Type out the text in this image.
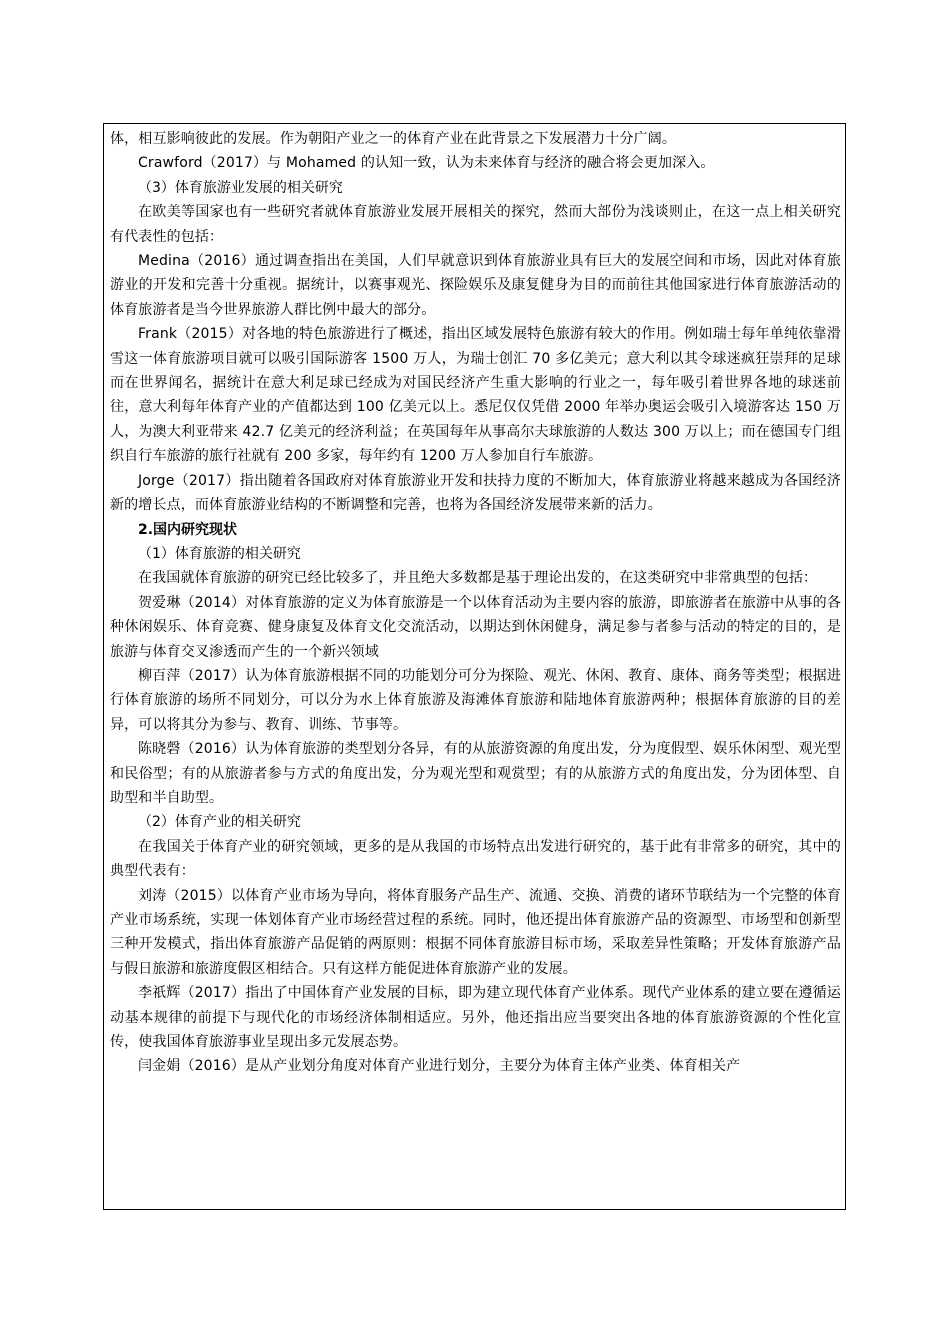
体，相互影响彼此的发展。作为朝阳产业之一的体育产业在此背景之下发展潜力十分广阔。

Crawford（2017）与 Mohamed 的认知一致，认为未来体育与经济的融合将会更加深入。

（3）体育旅游业发展的相关研究

在欧美等国家也有一些研究者就体育旅游业发展开展相关的探究，然而大部份为浅谈则止，在这一点上相关研究有代表性的包括：

Medina（2016）通过调查指出在美国，人们早就意识到体育旅游业具有巨大的发展空间和市场，因此对体育旅游业的开发和完善十分重视。据统计，以赛事观光、探险娱乐及康复健身为目的而前往其他国家进行体育旅游活动的体育旅游者是当今世界旅游人群比例中最大的部分。

Frank（2015）对各地的特色旅游进行了概述，指出区域发展特色旅游有较大的作用。例如瑞士每年单纯依靠滑雪这一体育旅游项目就可以吸引国际游客 1500 万人，为瑞士创汇 70 多亿美元；意大利以其令球迷疯狂崇拜的足球而在世界闻名，据统计在意大利足球已经成为对国民经济产生重大影响的行业之一，每年吸引着世界各地的球迷前往，意大利每年体育产业的产值都达到 100 亿美元以上。悉尼仅仅凭借 2000 年举办奥运会吸引入境游客达 150 万人，为澳大利亚带来 42.7 亿美元的经济利益；在英国每年从事高尔夫球旅游的人数达 300 万以上；而在德国专门组织自行车旅游的旅行社就有 200 多家，每年约有 1200 万人参加自行车旅游。

Jorge（2017）指出随着各国政府对体育旅游业开发和扶持力度的不断加大，体育旅游业将越来越成为各国经济新的增长点，而体育旅游业结构的不断调整和完善，也将为各国经济发展带来新的活力。

2.国内研究现状

（1）体育旅游的相关研究

在我国就体育旅游的研究已经比较多了，并且绝大多数都是基于理论出发的，在这类研究中非常典型的包括：

贺爱琳（2014）对体育旅游的定义为体育旅游是一个以体育活动为主要内容的旅游，即旅游者在旅游中从事的各种休闲娱乐、体育竞赛、健身康复及体育文化交流活动，以期达到休闲健身，满足参与者参与活动的特定的目的，是旅游与体育交叉渗透而产生的一个新兴领域

柳百萍（2017）认为体育旅游根据不同的功能划分可分为探险、观光、休闲、教育、康体、商务等类型；根据进行体育旅游的场所不同划分，可以分为水上体育旅游及海滩体育旅游和陆地体育旅游两种；根据体育旅游的目的差异，可以将其分为参与、教育、训练、节事等。

陈晓磬（2016）认为体育旅游的类型划分各异，有的从旅游资源的角度出发，分为度假型、娱乐休闲型、观光型和民俗型；有的从旅游者参与方式的角度出发，分为观光型和观赏型；有的从旅游方式的角度出发，分为团体型、自助型和半自助型。

（2）体育产业的相关研究

在我国关于体育产业的研究领域，更多的是从我国的市场特点出发进行研究的，基于此有非常多的研究，其中的典型代表有：

刘涛（2015）以体育产业市场为导向，将体育服务产品生产、流通、交换、消费的诸环节联结为一个完整的体育产业市场系统，实现一体划体育产业市场经营过程的系统。同时，他还提出体育旅游产品的资源型、市场型和创新型三种开发模式，指出体育旅游产品促销的两原则：根据不同体育旅游目标市场，采取差异性策略；开发体育旅游产品与假日旅游和旅游度假区相结合。只有这样方能促进体育旅游产业的发展。

李祇辉（2017）指出了中国体育产业发展的目标，即为建立现代体育产业体系。现代产业体系的建立要在遵循运动基本规律的前提下与现代化的市场经济体制相适应。另外，他还指出应当要突出各地的体育旅游资源的个性化宣传，使我国体育旅游事业呈现出多元发展态势。

闫金娟（2016）是从产业划分角度对体育产业进行划分，主要分为体育主体产业类、体育相关产
